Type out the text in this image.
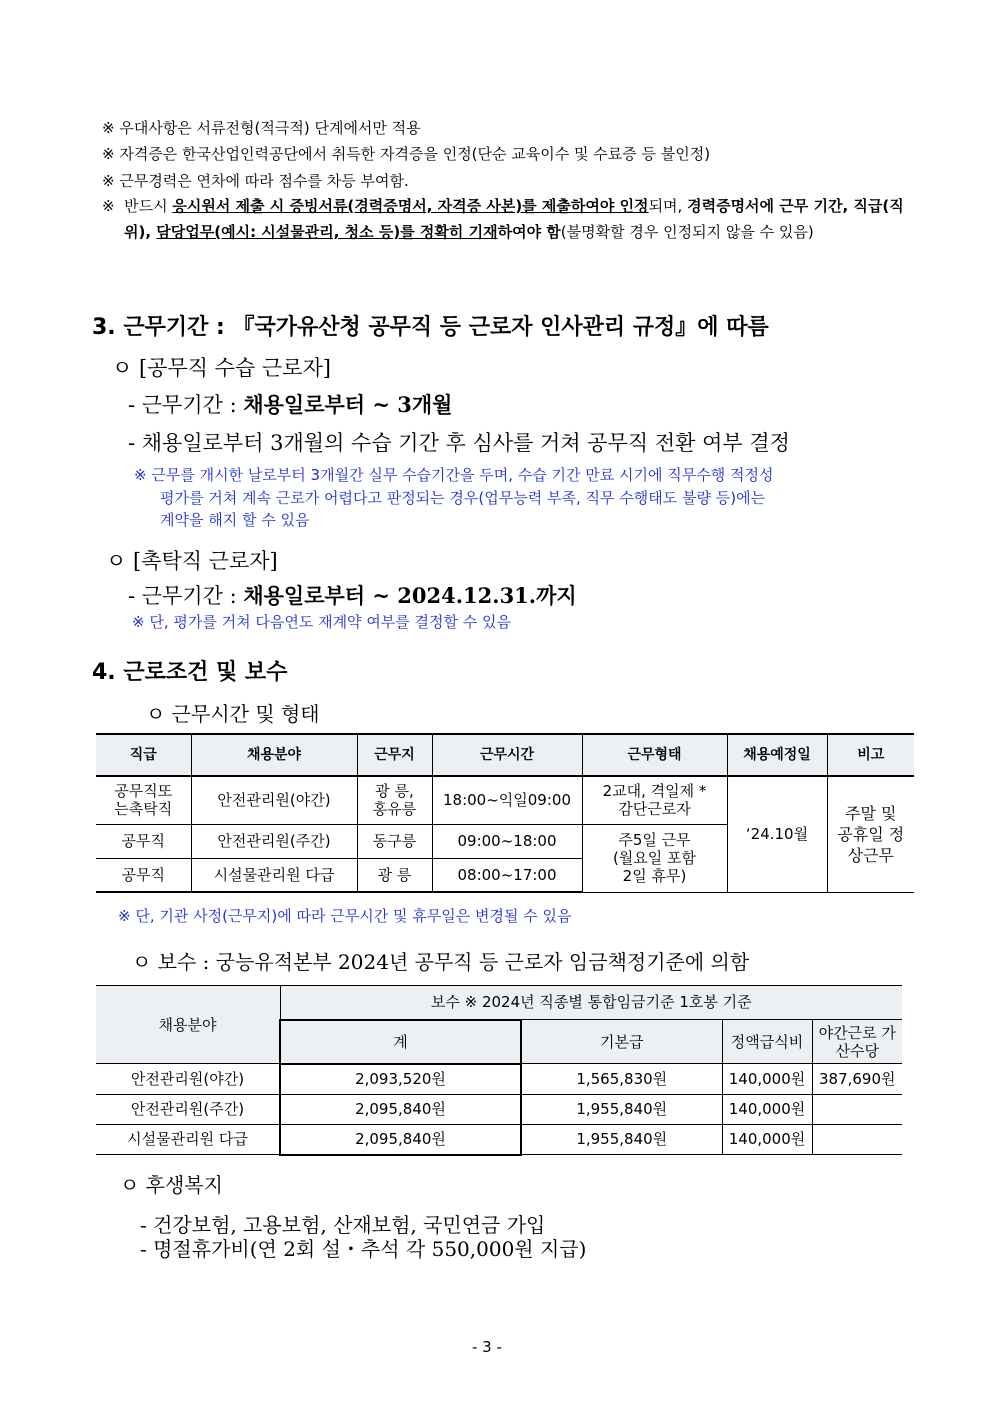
※ 우대사항은 서류전형(적극적) 단계에서만 적용
※ 자격증은 한국산업인력공단에서 취득한 자격증을 인정(단순 교육이수 및 수료증 등 불인정)
※ 근무경력은 연차에 따라 점수를 차등 부여함.
※ 반드시 응시원서 제출 시 증빙서류(경력증명서, 자격증 사본)를 제출하여야 인정되며, 경력증명서에 근무 기간, 직급(직위), 담당업무(예시: 시설물관리, 청소 등)를 정확히 기재하여야 함(불명확할 경우 인정되지 않을 수 있음)
3. 근무기간 : 『국가유산청 공무직 등 근로자 인사관리 규정』에 따름
ㅇ [공무직 수습 근로자]
- 근무기간 : 채용일로부터 ~ 3개월
- 채용일로부터 3개월의 수습 기간 후 심사를 거쳐 공무직 전환 여부 결정
※ 근무를 개시한 날로부터 3개월간 실무 수습기간을 두며, 수습 기간 만료 시기에 직무수행 적정성
평가를 거쳐 계속 근로가 어렵다고 판정되는 경우(업무능력 부족, 직무 수행태도 불량 등)에는
계약을 해지 할 수 있음
ㅇ [촉탁직 근로자]
- 근무기간 : 채용일로부터 ~ 2024.12.31.까지
※ 단, 평가를 거쳐 다음연도 재계약 여부를 결정할 수 있음
4. 근로조건 및 보수
ㅇ 근무시간 및 형태
직급	채용분야	근무지	근무시간	근무형태	채용예정일	비고
공무직또는촉탁직	안전관리원(야간)	광 릉, 홍유릉	18:00~익일09:00	2교대, 격일제 *감단근로자	‘24.10월	주말 및 공휴일 정상근무
공무직	안전관리원(주간)	동구릉	09:00~18:00	주5일 근무 (월요일 포함 2일 휴무)		
공무직	시설물관리원 다급	광 릉	08:00~17:00			
※ 단, 기관 사정(근무지)에 따라 근무시간 및 휴무일은 변경될 수 있음
ㅇ 보수 : 궁능유적본부 2024년 공무직 등 근로자 임금책정기준에 의함
채용분야	보수 ※ 2024년 직종별 통합임금기준 1호봉 기준			
	계	기본급	정액급식비	야간근로 가산수당
안전관리원(야간)	2,093,520원	1,565,830원	140,000원	387,690원
안전관리원(주간)	2,095,840원	1,955,840원	140,000원	
시설물관리원 다급	2,095,840원	1,955,840원	140,000원	
ㅇ 후생복지
- 건강보험, 고용보험, 산재보험, 국민연금 가입
- 명절휴가비(연 2회 설・추석 각 550,000원 지급)
- 3 -
